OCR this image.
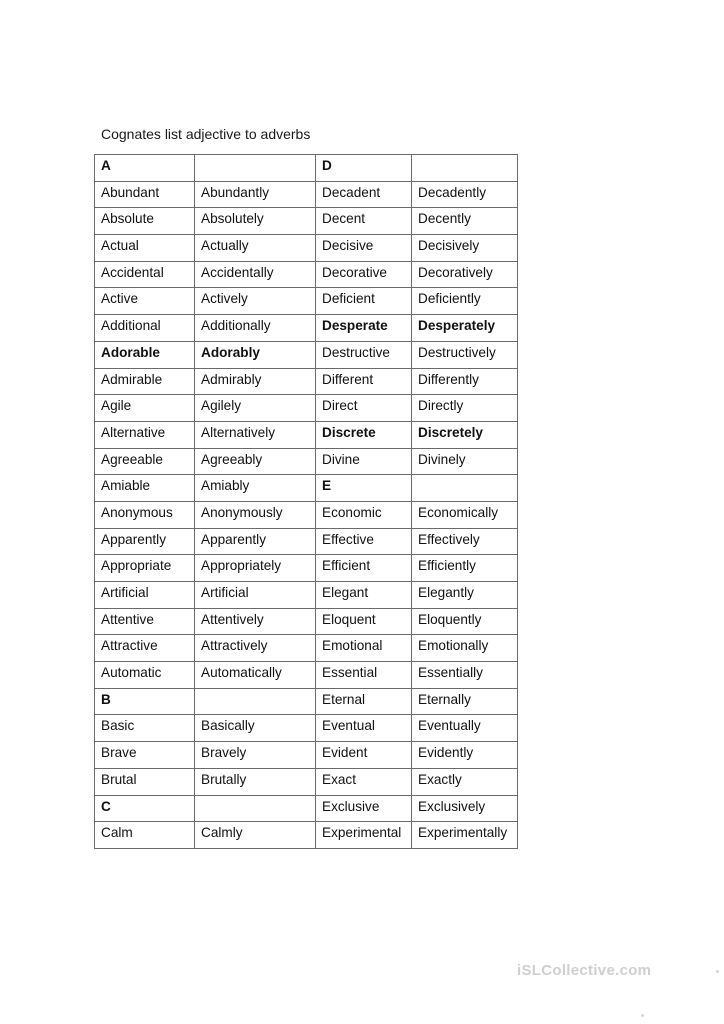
Cognates list adjective to adverbs
A		D	
Abundant	Abundantly	Decadent	Decadently
Absolute	Absolutely	Decent	Decently
Actual	Actually	Decisive	Decisively
Accidental	Accidentally	Decorative	Decoratively
Active	Actively	Deficient	Deficiently
Additional	Additionally	Desperate	Desperately
Adorable	Adorably	Destructive	Destructively
Admirable	Admirably	Different	Differently
Agile	Agilely	Direct	Directly
Alternative	Alternatively	Discrete	Discretely
Agreeable	Agreeably	Divine	Divinely
Amiable	Amiably	E	
Anonymous	Anonymously	Economic	Economically
Apparently	Apparently	Effective	Effectively
Appropriate	Appropriately	Efficient	Efficiently
Artificial	Artificial	Elegant	Elegantly
Attentive	Attentively	Eloquent	Eloquently
Attractive	Attractively	Emotional	Emotionally
Automatic	Automatically	Essential	Essentially
B		Eternal	Eternally
Basic	Basically	Eventual	Eventually
Brave	Bravely	Evident	Evidently
Brutal	Brutally	Exact	Exactly
C		Exclusive	Exclusively
Calm	Calmly	Experimental	Experimentally
iSLCollective.com
